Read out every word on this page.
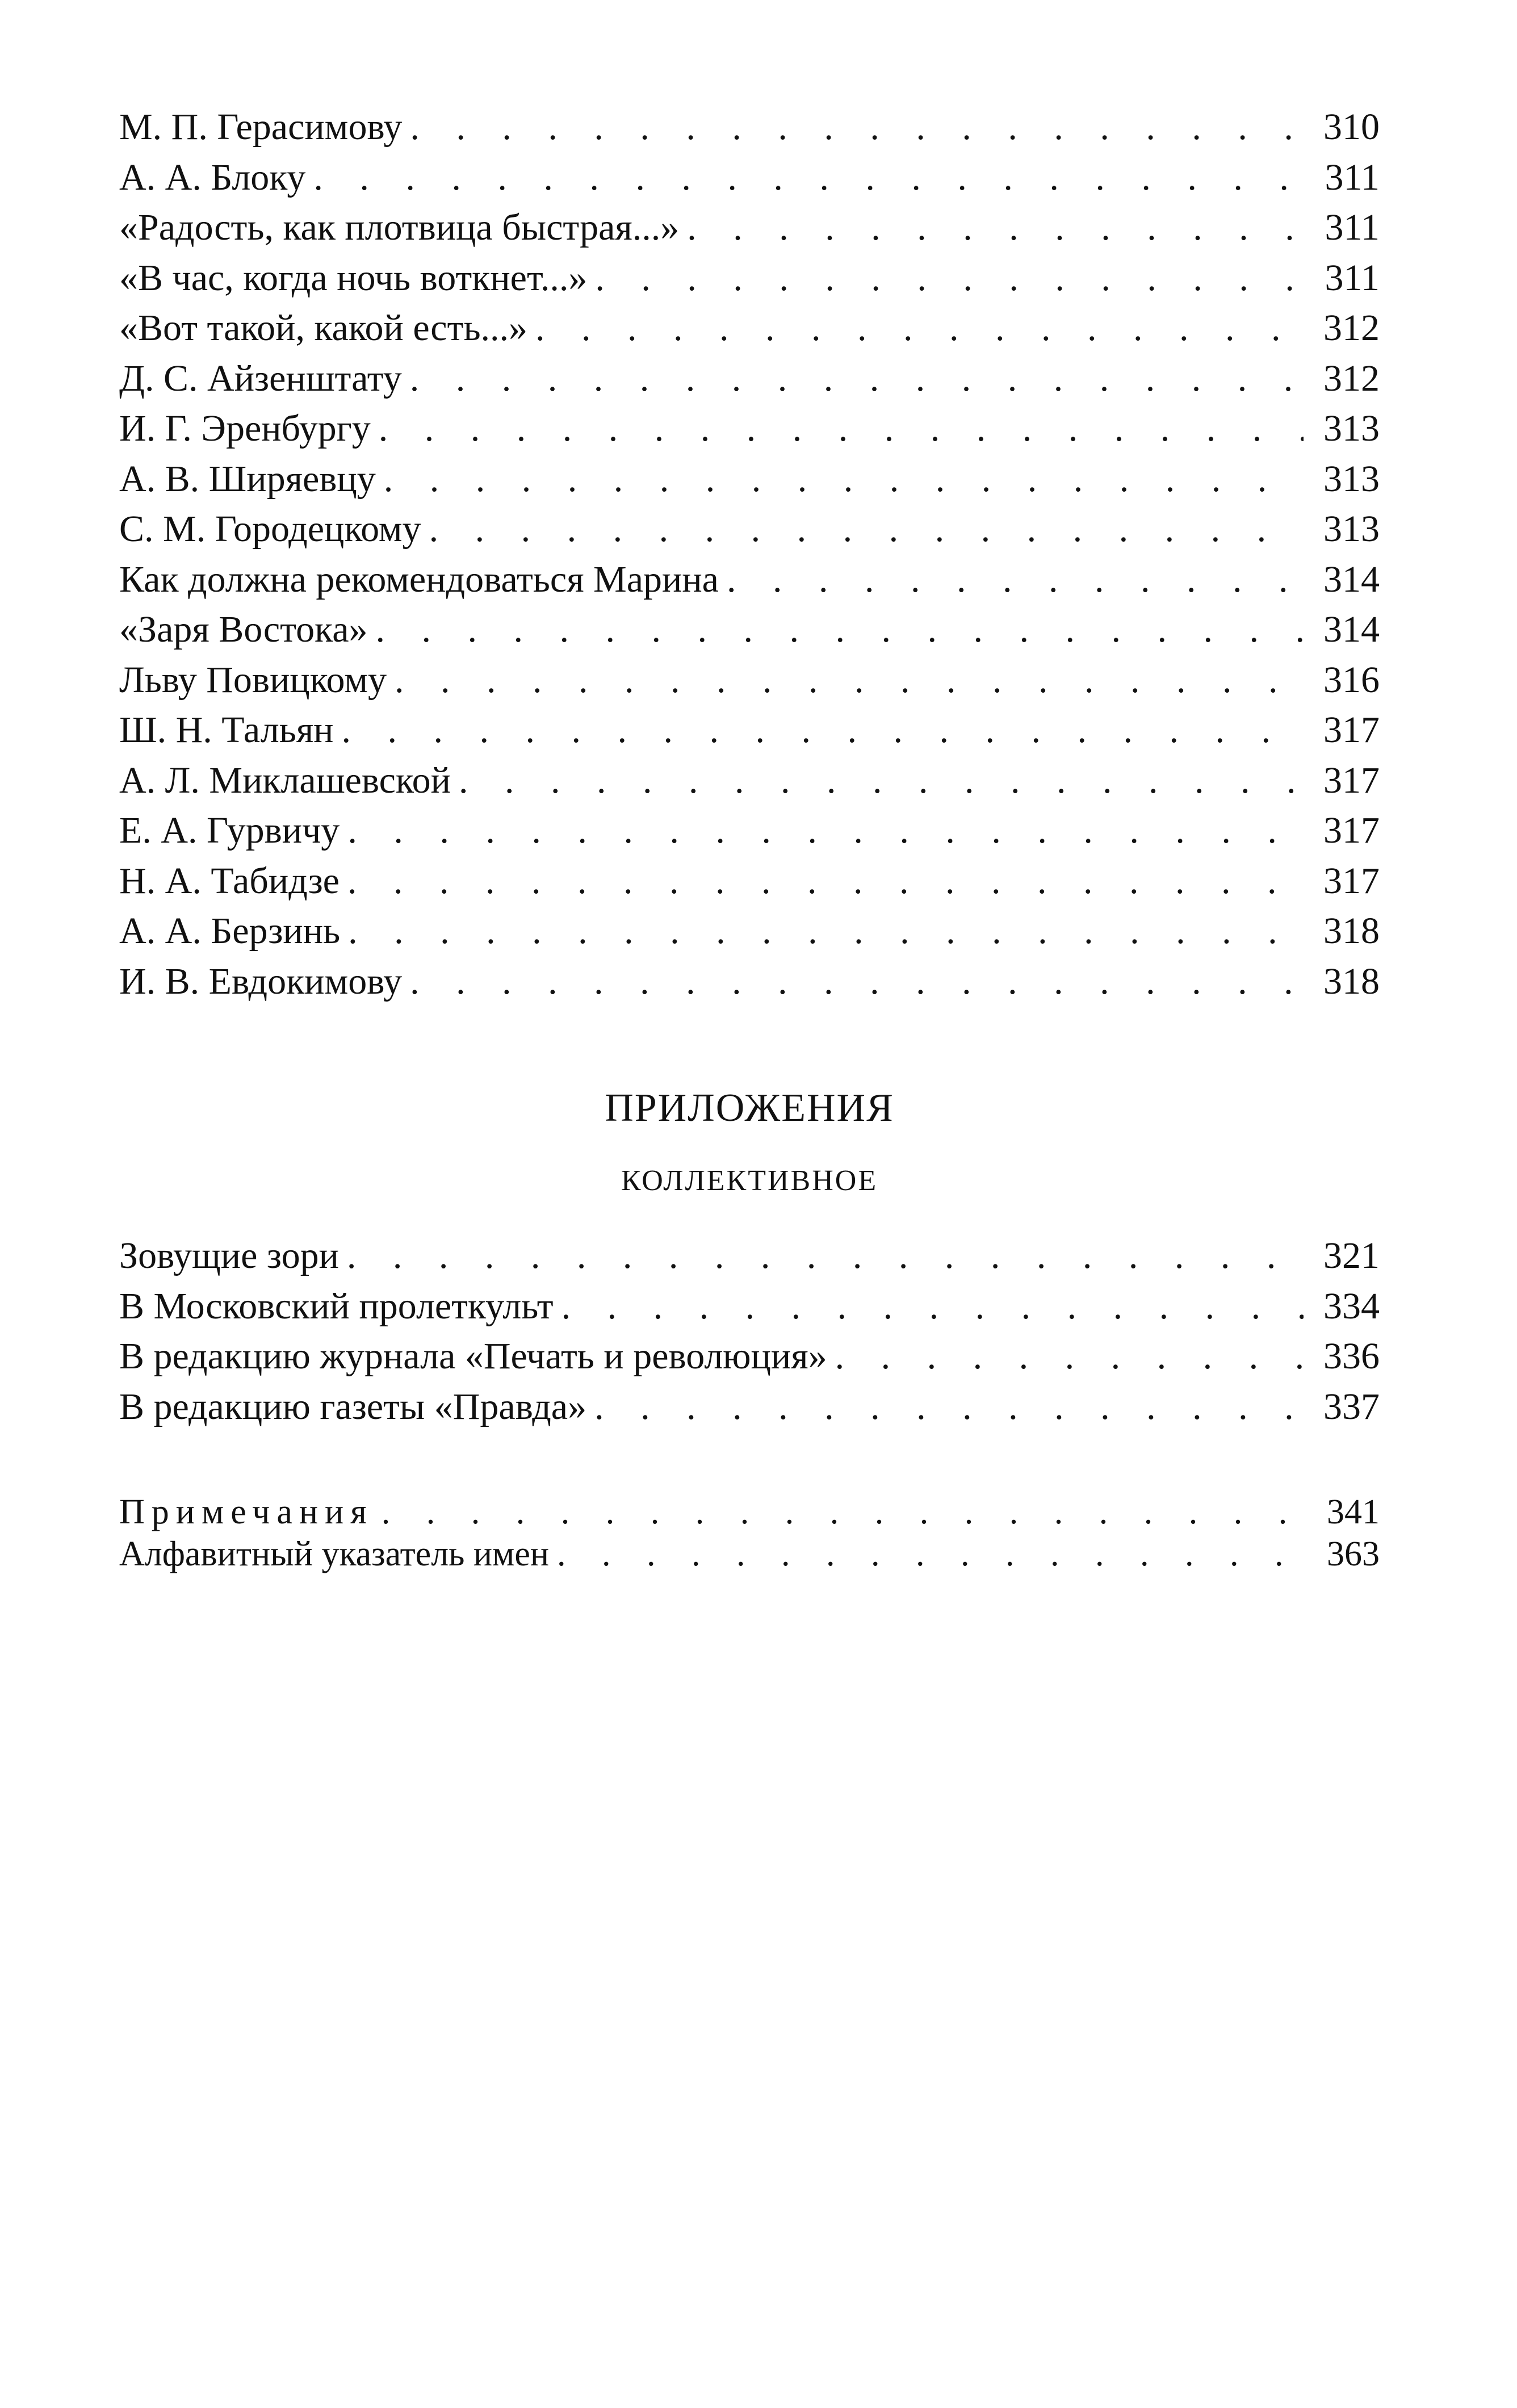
М. П. Герасимову . . .	310
А. А. Блоку . . .	311
«Радость, как плотвица быстрая...» . . .	311
«В час, когда ночь воткнет...» . . .	311
«Вот такой, какой есть...» . . .	312
Д. С. Айзенштату . . .	312
И. Г. Эренбургу . . .	313
А. В. Ширяевцу . . .	313
С. М. Городецкому . . .	313
Как должна рекомендоваться Марина . . .	314
«Заря Востока» . . .	314
Льву Повицкому . . .	316
Ш. Н. Тальян . . .	317
А. Л. Миклашевской . . .	317
Е. А. Гурвичу . . .	317
Н. А. Табидзе . . .	317
А. А. Берзинь . . .	318
И. В. Евдокимову . . .	318
ПРИЛОЖЕНИЯ
КОЛЛЕКТИВНОЕ
Зовущие зори . . .	321
В Московский пролеткульт . . .	334
В редакцию журнала «Печать и революция» . . .	336
В редакцию газеты «Правда» . . .	337
Примечания . . .	341
Алфавитный указатель имен . . .	363
